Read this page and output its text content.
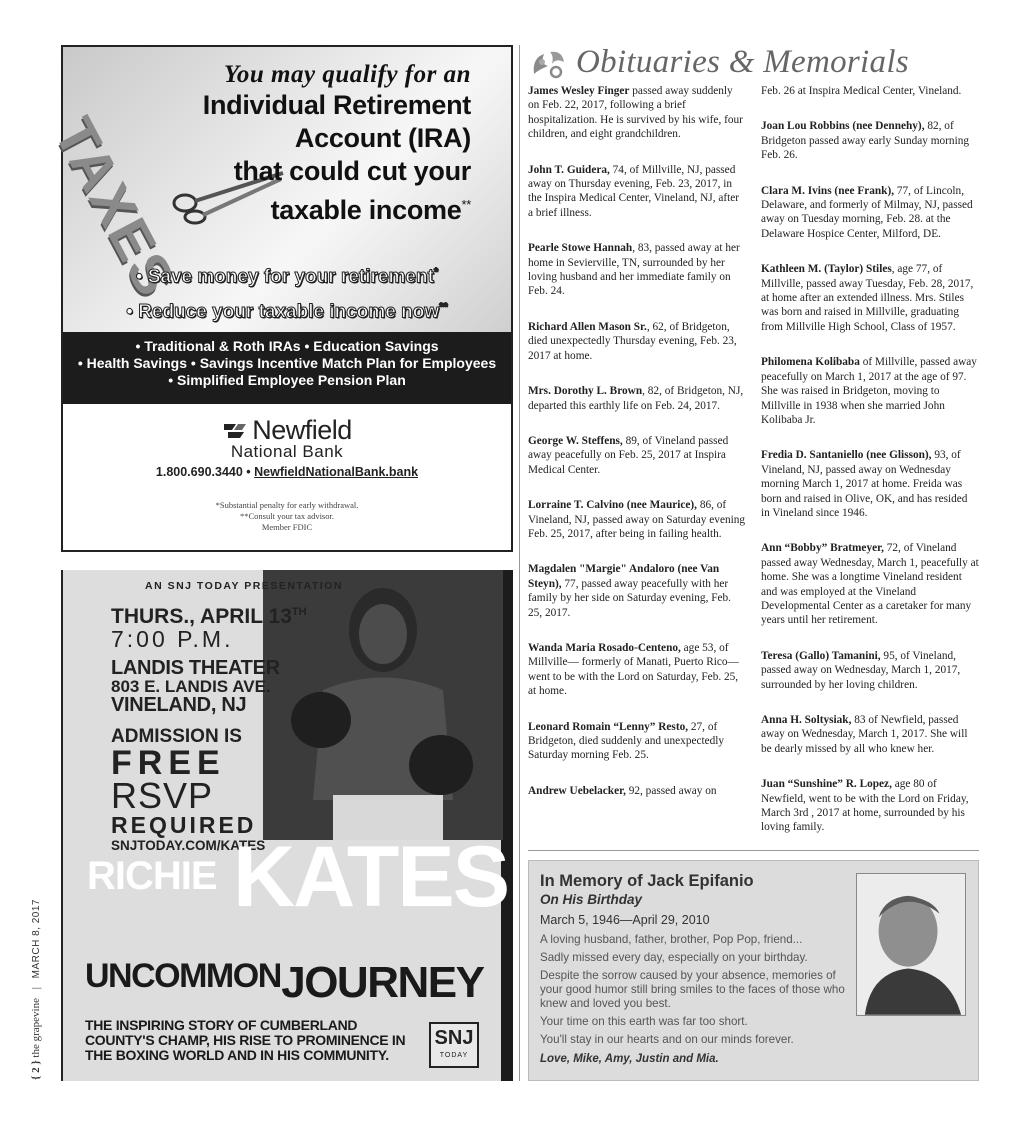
{ 2 } the grapevine | MARCH 8, 2017
TAXES
You may qualify for an
Individual Retirement
Account (IRA)
that could cut your
taxable income**
• Save money for your retirement*
• Reduce your taxable income now**
• Traditional & Roth IRAs • Education Savings
• Health Savings • Savings Incentive Match Plan for Employees
• Simplified Employee Pension Plan
Newfield
National Bank
1.800.690.3440 • NewfieldNationalBank.bank
*Substantial penalty for early withdrawal.
**Consult your tax advisor.
Member FDIC
AN SNJ TODAY PRESENTATION
THURS., APRIL 13TH
7:00 P.M.
LANDIS THEATER
803 E. LANDIS AVE.
VINELAND, NJ
ADMISSION IS
FREE
RSVP
REQUIRED
SNJTODAY.COM/KATES
RICHIE KATES
UNCOMMON JOURNEY
THE INSPIRING STORY OF CUMBERLAND COUNTY'S CHAMP, HIS RISE TO PROMINENCE IN THE BOXING WORLD AND IN HIS COMMUNITY.
SNJ
TODAY
Obituaries & Memorials

James Wesley Finger passed away suddenly on Feb. 22, 2017, following a brief hospitalization. He is survived by his wife, four children, and eight grandchildren.

John T. Guidera, 74, of Millville, NJ, passed away on Thursday evening, Feb. 23, 2017, in the Inspira Medical Center, Vineland, NJ, after a brief illness.

Pearle Stowe Hannah, 83, passed away at her home in Sevierville, TN, surrounded by her loving husband and her immediate family on Feb. 24.

Richard Allen Mason Sr., 62, of Bridgeton, died unexpectedly Thursday evening, Feb. 23, 2017 at home.

Mrs. Dorothy L. Brown, 82, of Bridgeton, NJ, departed this earthly life on Feb. 24, 2017.

George W. Steffens, 89, of Vineland passed away peacefully on Feb. 25, 2017 at Inspira Medical Center.

Lorraine T. Calvino (nee Maurice), 86, of Vineland, NJ, passed away on Saturday evening Feb. 25, 2017, after being in failing health.

Magdalen "Margie" Andaloro (nee Van Steyn), 77, passed away peacefully with her family by her side on Saturday evening, Feb. 25, 2017.

Wanda Maria Rosado-Centeno, age 53, of Millville— formerly of Manati, Puerto Rico— went to be with the Lord on Saturday, Feb. 25, at home.

Leonard Romain “Lenny” Resto, 27, of Bridgeton, died suddenly and unexpectedly Saturday morning Feb. 25.

Andrew Uebelacker, 92, passed away on

Feb. 26 at Inspira Medical Center, Vineland.

Joan Lou Robbins (nee Dennehy), 82, of Bridgeton passed away early Sunday morning Feb. 26.

Clara M. Ivins (nee Frank), 77, of Lincoln, Delaware, and formerly of Milmay, NJ, passed away on Tuesday morning, Feb. 28. at the Delaware Hospice Center, Milford, DE.

Kathleen M. (Taylor) Stiles, age 77, of Millville, passed away Tuesday, Feb. 28, 2017, at home after an extended illness. Mrs. Stiles was born and raised in Millville, graduating from Millville High School, Class of 1957.

Philomena Kolibaba of Millville, passed away peacefully on March 1, 2017 at the age of 97. She was raised in Bridgeton, moving to Millville in 1938 when she married John Kolibaba Jr.

Fredia D. Santaniello (nee Glisson), 93, of Vineland, NJ, passed away on Wednesday morning March 1, 2017 at home. Freida was born and raised in Olive, OK, and has resided in Vineland since 1946.

Ann “Bobby” Bratmeyer, 72, of Vineland passed away Wednesday, March 1, peacefully at home. She was a longtime Vineland resident and was employed at the Vineland Developmental Center as a caretaker for many years until her retirement.

Teresa (Gallo) Tamanini, 95, of Vineland, passed away on Wednesday, March 1, 2017, surrounded by her loving children.

Anna H. Soltysiak, 83 of Newfield, passed away on Wednesday, March 1, 2017. She will be dearly missed by all who knew her.

Juan “Sunshine” R. Lopez, age 80 of Newfield, went to be with the Lord on Friday, March 3rd , 2017 at home, surrounded by his loving family.

In Memory of Jack Epifanio
On His Birthday
March 5, 1946—April 29, 2010
A loving husband, father, brother, Pop Pop, friend...
Sadly missed every day, especially on your birthday.
Despite the sorrow caused by your absence, memories of your good humor still bring smiles to the faces of those who knew and loved you best.
Your time on this earth was far too short.
You'll stay in our hearts and on our minds forever.
Love, Mike, Amy, Justin and Mia.
